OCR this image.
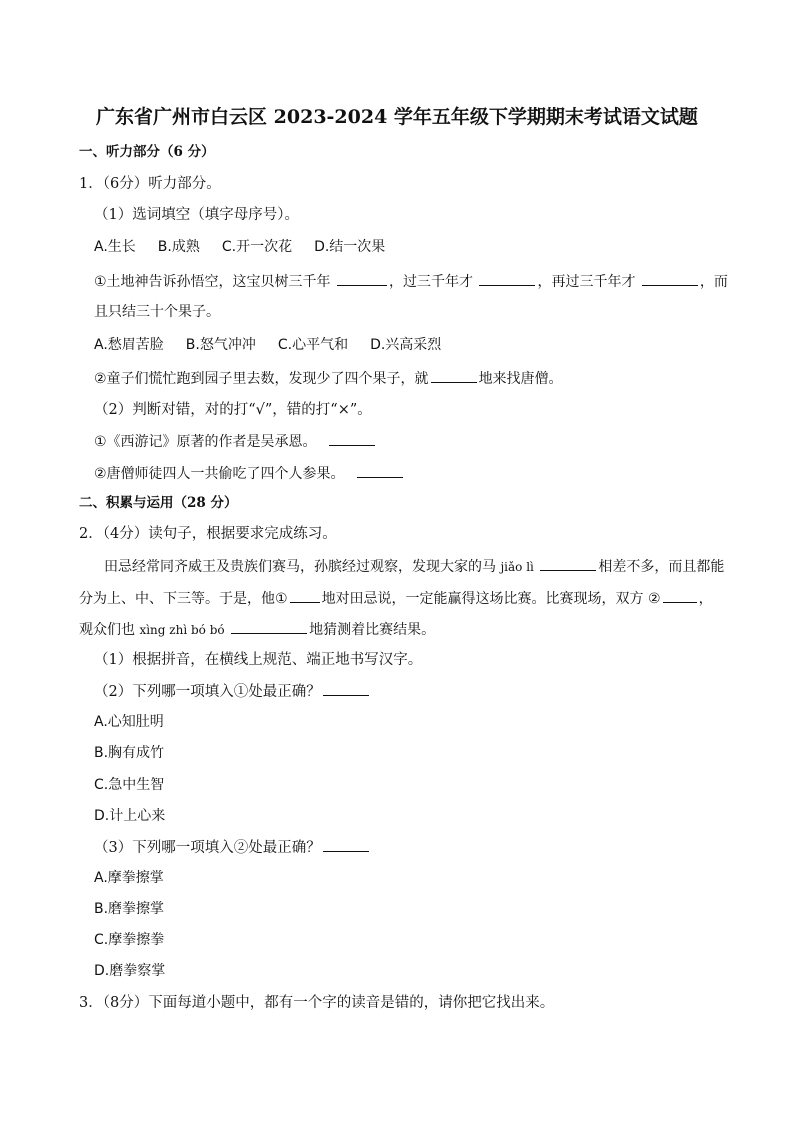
广东省广州市白云区 2023-2024 学年五年级下学期期末考试语文试题
一、听力部分（6 分）
1．（6分）听力部分。
（1）选词填空（填字母序号）。
A.生长 B.成熟 C.开一次花 D.结一次果
①土地神告诉孙悟空，这宝贝树三千年	，过三千年才	，再过三千年才	，而
且只结三十个果子。
A.愁眉苦脸 B.怒气冲冲 C.心平气和 D.兴高采烈
②童子们慌忙跑到园子里去数，发现少了四个果子，就	地来找唐僧。
（2）判断对错，对的打“√”，错的打“×”。
①《西游记》原著的作者是吴承恩。
②唐僧师徒四人一共偷吃了四个人参果。
二、积累与运用（28 分）
2．（4分）读句子，根据要求完成练习。
田忌经常同齐威王及贵族们赛马，孙膑经过观察，发现大家的马 jiǎo lì	相差不多，而且都能
分为上、中、下三等。于是，他① 地对田忌说，一定能赢得这场比赛。比赛现场，双方 ②	，
观众们也 xìng zhì bó bó	地猜测着比赛结果。
（1）根据拼音，在横线上规范、端正地书写汉字。
（2）下列哪一项填入①处最正确？
A.心知肚明
B.胸有成竹
C.急中生智
D.计上心来
（3）下列哪一项填入②处最正确？
A.摩拳擦掌
B.磨拳擦掌
C.摩拳擦拳
D.磨拳察掌
3．（8分）下面每道小题中，都有一个字的读音是错的，请你把它找出来。
